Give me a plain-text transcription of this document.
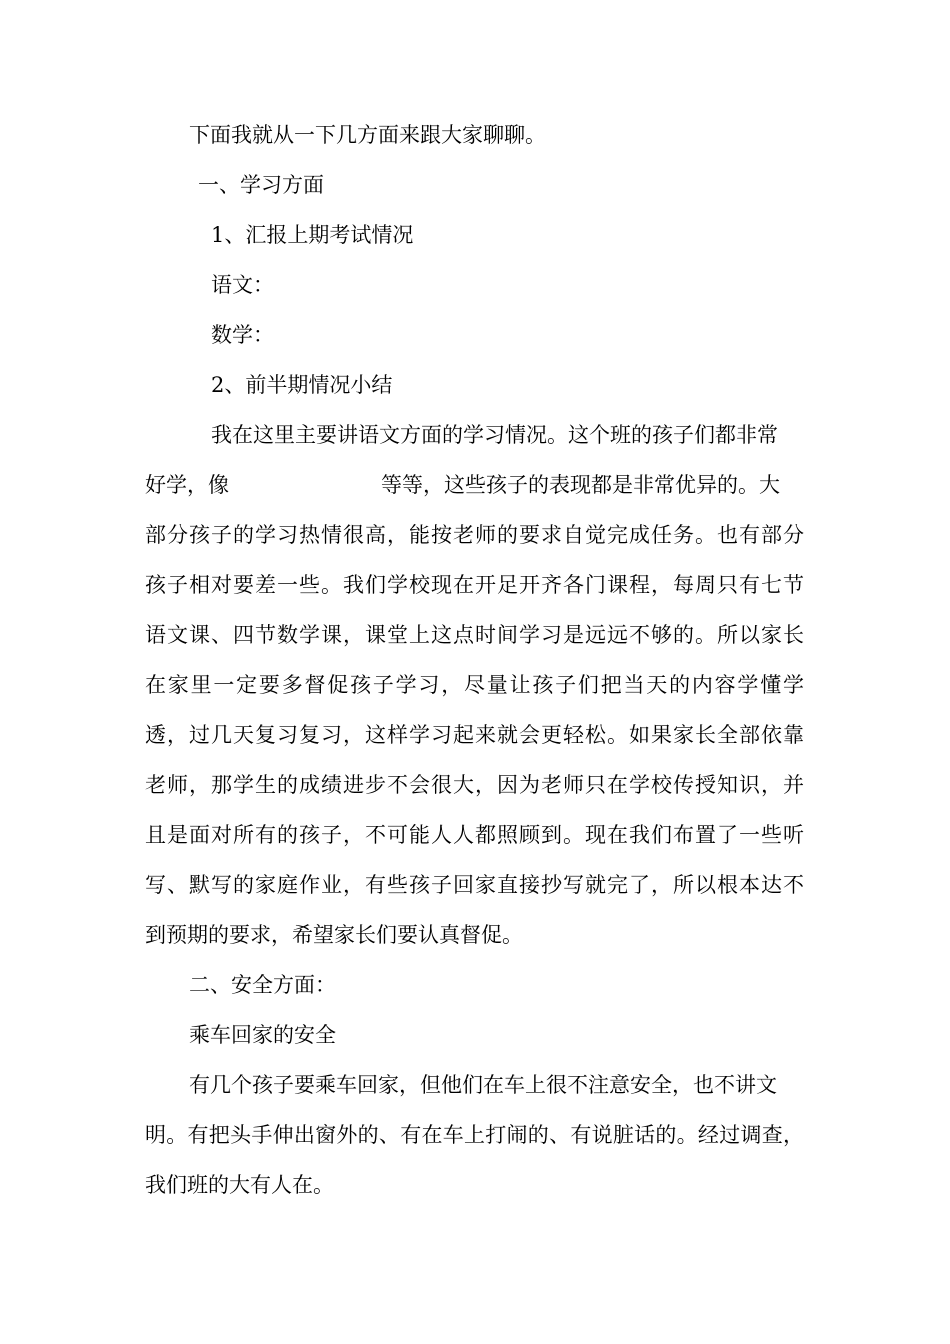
下面我就从一下几方面来跟大家聊聊。
一、学习方面
1、汇报上期考试情况
语文：
数学：
2、前半期情况小结
我在这里主要讲语文方面的学习情况。这个班的孩子们都非常
好学，像	等等，这些孩子的表现都是非常优异的。大
部分孩子的学习热情很高，能按老师的要求自觉完成任务。也有部分
孩子相对要差一些。我们学校现在开足开齐各门课程，每周只有七节
语文课、四节数学课，课堂上这点时间学习是远远不够的。所以家长
在家里一定要多督促孩子学习，尽量让孩子们把当天的内容学懂学
透，过几天复习复习，这样学习起来就会更轻松。如果家长全部依靠
老师，那学生的成绩进步不会很大，因为老师只在学校传授知识，并
且是面对所有的孩子，不可能人人都照顾到。现在我们布置了一些听
写、默写的家庭作业，有些孩子回家直接抄写就完了，所以根本达不
到预期的要求，希望家长们要认真督促。
二、安全方面：
乘车回家的安全
有几个孩子要乘车回家，但他们在车上很不注意安全，也不讲文
明。有把头手伸出窗外的、有在车上打闹的、有说脏话的。经过调查，
我们班的大有人在。
